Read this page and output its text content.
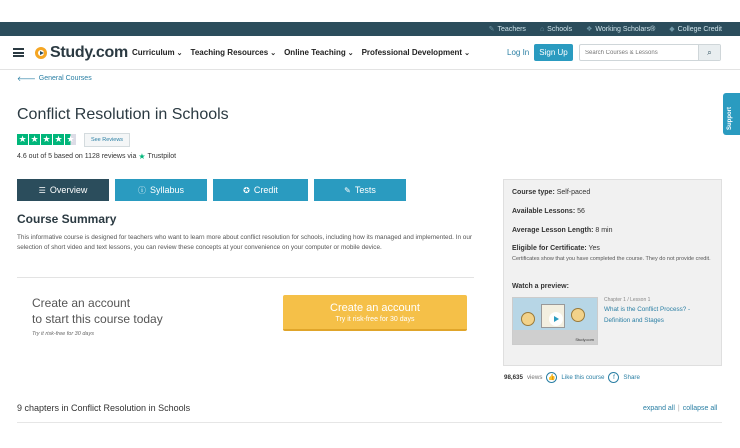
✎ Teachers ⌂ Schools ❖ Working Scholars® ◆ College Credit
Study.com Curriculum ⌄ Teaching Resources ⌄ Online Teaching ⌄ Professional Development ⌄	Log In	Sign Up
Search Courses & Lessons	⌕
Support
🡐 General Courses
Conflict Resolution in Schools
★ ★ ★ ★ ★	See Reviews
4.6 out of 5 based on 1128 reviews via ★ Trustpilot
☰ Overview	ⓘ Syllabus	✪ Credit	✎ Tests
Course Summary

This informative course is designed for teachers who want to learn more about conflict resolution for schools, including how its managed and implemented. In our selection of short video and text lessons, you can review these concepts at your convenience on your computer or mobile device.

Create an account
to start this course today
Try it risk-free for 30 days
Create an account
Try it risk-free for 30 days
Course type: Self-paced
Available Lessons: 56
Average Lesson Length: 8 min
Eligible for Certificate: Yes
Certificates show that you have completed the course. They do not provide credit.
Watch a preview:
Study.com
Chapter 1 / Lesson 1
What is the Conflict Process? - Definition and Stages
98,635 views 👍 Like this course	f	Share
9 chapters in Conflict Resolution in Schools	expand all | collapse all
